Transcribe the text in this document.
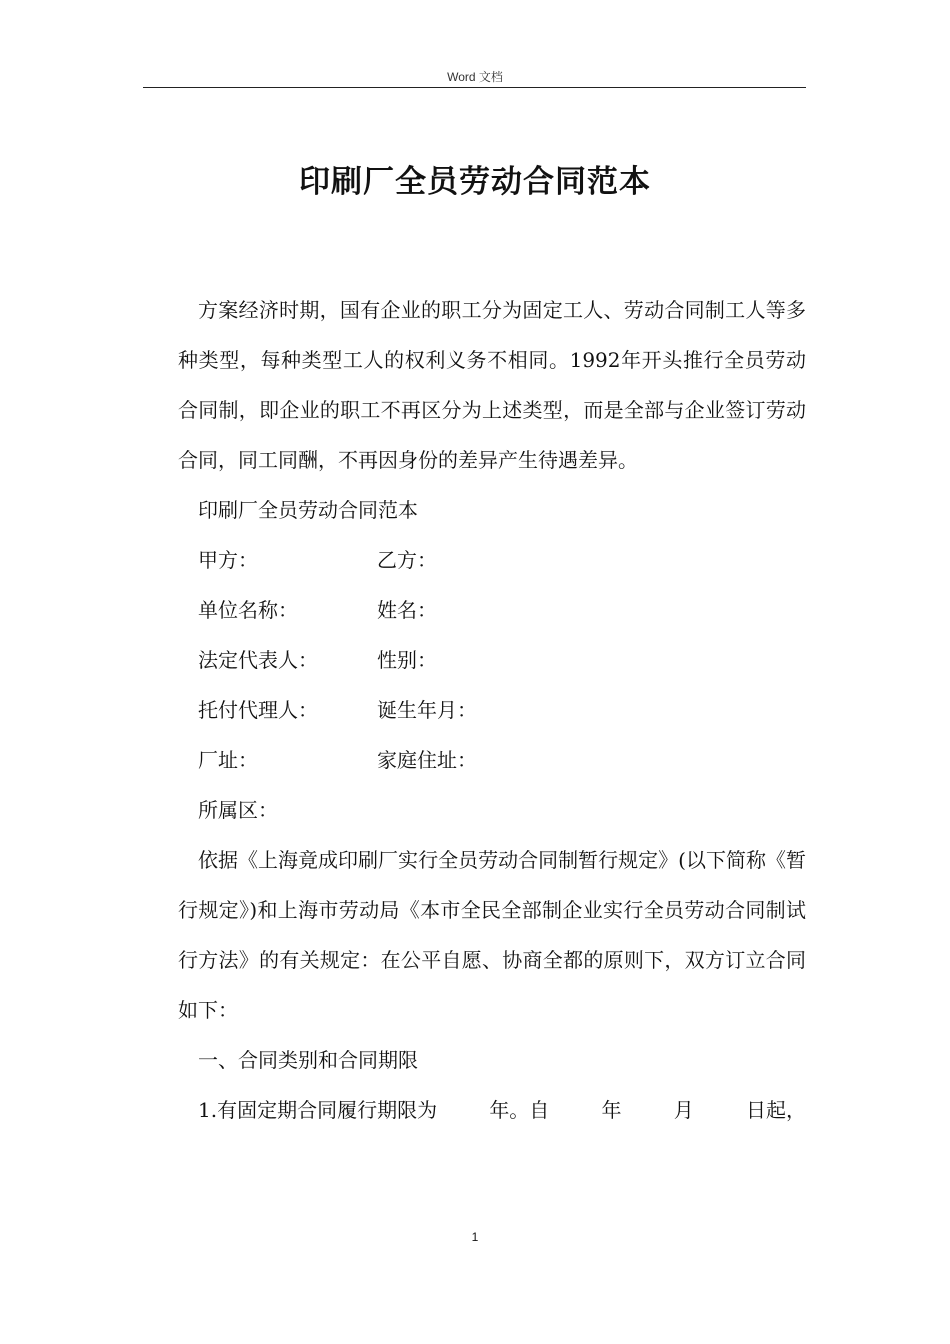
Word 文档
印刷厂全员劳动合同范本

方案经济时期，国有企业的职工分为固定工人、劳动合同制工人等多种类型，每种类型工人的权利义务不相同。1992年开头推行全员劳动合同制，即企业的职工不再区分为上述类型，而是全部与企业签订劳动合同，同工同酬，不再因身份的差异产生待遇差异。

印刷厂全员劳动合同范本

甲方：	乙方：
单位名称：	姓名：
法定代表人：	性别：
托付代理人：	诞生年月：
厂址：	家庭住址：
所属区：

依据《上海竟成印刷厂实行全员劳动合同制暂行规定》(以下简称《暂行规定》)和上海市劳动局《本市全民全部制企业实行全员劳动合同制试行方法》的有关规定：在公平自愿、协商全都的原则下，双方订立合同如下：

一、合同类别和合同期限

1.有固定期合同履行期限为	年。自	年	月	日起，

1
